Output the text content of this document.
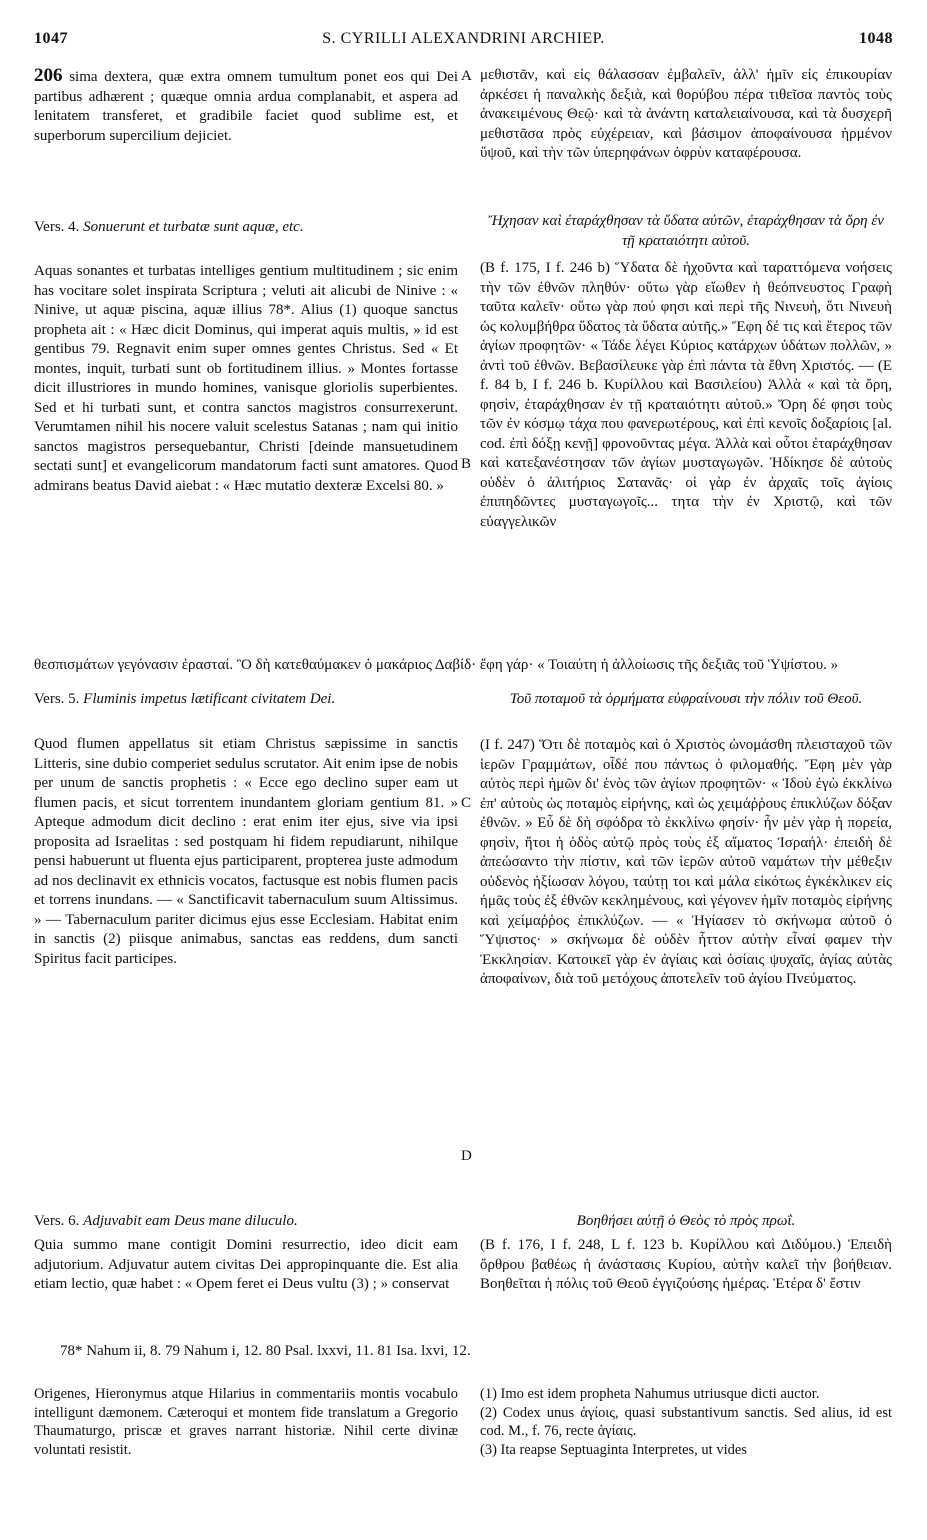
1047	S. CYRILLI ALEXANDRINI ARCHIEP.	1048
A
B
C
D

206 sima dextera, quæ extra omnem tumultum ponet eos qui Dei partibus adhærent ; quæque omnia ardua complanabit, et aspera ad lenitatem transferet, et gradibile faciet quod sublime est, et superborum supercilium dejiciet.

Vers. 4. Sonuerunt et turbatæ sunt aquæ, etc.

Aquas sonantes et turbatas intelliges gentium multitudinem ; sic enim has vocitare solet inspirata Scriptura ; veluti ait alicubi de Ninive : « Ninive, ut aquæ piscina, aquæ illius 78*. Alius (1) quoque sanctus propheta ait : « Hæc dicit Dominus, qui imperat aquis multis, » id est gentibus 79. Regnavit enim super omnes gentes Christus. Sed « Et montes, inquit, turbati sunt ob fortitudinem illius. » Montes fortasse dicit illustriores in mundo homines, vanisque gloriolis superbientes. Sed et hi turbati sunt, et contra sanctos magistros consurrexerunt. Verumtamen nihil his nocere valuit scelestus Satanas ; nam qui initio sanctos magistros persequebantur, Christi [deinde mansuetudinem sectati sunt] et evangelicorum mandatorum facti sunt amatores. Quod admirans beatus David aiebat : « Hæc mutatio dexteræ Excelsi 80. »

Vers. 5. Fluminis impetus lætificant civitatem Dei.

Quod flumen appellatus sit etiam Christus sæpissime in sanctis Litteris, sine dubio comperiet sedulus scrutator. Ait enim ipse de nobis per unum de sanctis prophetis : « Ecce ego declino super eam ut flumen pacis, et sicut torrentem inundantem gloriam gentium 81. » Apteque admodum dicit declino : erat enim iter ejus, sive via ipsi proposita ad Israelitas : sed postquam hi fidem repudiarunt, nihilque pensi habuerunt ut fluenta ejus participarent, propterea juste admodum ad nos declinavit ex ethnicis vocatos, factusque est nobis flumen pacis et torrens inundans. — « Sanctificavit tabernaculum suum Altissimus. » — Tabernaculum pariter dicimus ejus esse Ecclesiam. Habitat enim in sanctis (2) piisque animabus, sanctas eas reddens, dum sancti Spiritus facit participes.

Vers. 6. Adjuvabit eam Deus mane diluculo.

Quia summo mane contigit Domini resurrectio, ideo dicit eam adjutorium. Adjuvatur autem civitas Dei appropinquante die. Est alia etiam lectio, quæ habet : « Opem feret ei Deus vultu (3) ; » conservat

μεθιστᾶν, καὶ εἰς θάλασσαν ἐμβαλεῖν, ἀλλ' ἡμῖν εἰς ἐπικουρίαν ἀρκέσει ἡ παναλκὴς δεξιὰ, καὶ θορύβου πέρα τιθεῖσα παντὸς τοὺς ἀνακειμένους Θεῷ· καὶ τὰ ἀνάντη καταλειαίνουσα, καὶ τὰ δυσχερῆ μεθιστᾶσα πρὸς εὐχέρειαν, καὶ βάσιμον ἀποφαίνουσα ἡρμένον ὕψοῦ, καὶ τὴν τῶν ὑπερηφάνων ὀφρὺν καταφέρουσα.

Ἤχησαν καὶ ἐταράχθησαν τὰ ὕδατα αὐτῶν, ἐταράχθησαν τὰ ὄρη ἐν τῇ κραταιότητι αὐτοῦ.

(B f. 175, I f. 246 b) Ὕδατα δὲ ἠχοῦντα καὶ ταραττόμενα νοήσεις τὴν τῶν ἐθνῶν πληθύν· οὕτω γὰρ εἴωθεν ἡ θεόπνευστος Γραφὴ ταῦτα καλεῖν· οὕτω γὰρ πού φησι καὶ περὶ τῆς Νινευὴ, ὅτι Νινευὴ ὡς κολυμβήθρα ὕδατος τὰ ὕδατα αὐτῆς.» Ἔφη δέ τις καὶ ἕτερος τῶν ἁγίων προφητῶν· « Τάδε λέγει Κύριος κατάρχων ὑδάτων πολλῶν, » ἀντὶ τοῦ ἐθνῶν. Βεβασίλευκε γὰρ ἐπὶ πάντα τὰ ἔθνη Χριστός. — (E f. 84 b, I f. 246 b. Κυρίλλου καὶ Βασιλείου) Ἀλλὰ « καὶ τὰ ὄρη, φησὶν, ἐταράχθησαν ἐν τῇ κραταιότητι αὐτοῦ.» Ὄρη δέ φησι τοὺς τῶν ἐν κόσμῳ τάχα που φανερωτέρους, καὶ ἐπὶ κενοῖς δοξαρίοις [al. cod. ἐπὶ δόξῃ κενῇ] φρονοῦντας μέγα. Ἀλλὰ καὶ οὗτοι ἐταράχθησαν καὶ κατεξανέστησαν τῶν ἁγίων μυσταγωγῶν. Ἠδίκησε δὲ αὐτοὺς οὐδὲν ὁ ἀλιτήριος Σατανᾶς· οἱ γὰρ ἐν ἀρχαῖς τοῖς ἁγίοις ἐπιπηδῶντες μυσταγωγοῖς... τητα τὴν ἐν Χριστῷ, καὶ τῶν εὐαγγελικῶν

θεσπισμάτων γεγόνασιν ἐρασταί. Ὃ δὴ κατεθαύμακεν ὁ μακάριος Δαβίδ· ἔφη γάρ· « Τοιαύτη ἡ ἀλλοίωσις τῆς δεξιᾶς τοῦ Ὑψίστου. »

Τοῦ ποταμοῦ τὰ ὁρμήματα εὐφραίνουσι τὴν πόλιν τοῦ Θεοῦ.

(I f. 247) Ὅτι δὲ ποταμὸς καὶ ὁ Χριστὸς ὠνομάσθη πλεισταχοῦ τῶν ἱερῶν Γραμμάτων, οἶδέ που πάντως ὁ φιλομαθής. Ἔφη μὲν γὰρ αὐτὸς περὶ ἡμῶν δι' ἑνὸς τῶν ἁγίων προφητῶν· « Ἰδοὺ ἐγὼ ἐκκλίνω ἐπ' αὐτοὺς ὡς ποταμὸς εἰρήνης, καὶ ὡς χειμάῤῥους ἐπικλύζων δόξαν ἐθνῶν. » Εὖ δὲ δὴ σφόδρα τὸ ἐκκλίνω φησίν· ἦν μὲν γὰρ ἡ πορεία, φησὶν, ἤτοι ἡ ὁδὸς αὐτῷ πρὸς τοὺς ἐξ αἵματος Ἰσραήλ· ἐπειδὴ δὲ ἀπεώσαντο τὴν πίστιν, καὶ τῶν ἱερῶν αὐτοῦ ναμάτων τὴν μέθεξιν οὐδενὸς ἠξίωσαν λόγου, ταύτῃ τοι καὶ μάλα εἰκότως ἐγκέκλικεν εἰς ἡμᾶς τοὺς ἐξ ἐθνῶν κεκλημένους, καὶ γέγονεν ἡμῖν ποταμὸς εἰρήνης καὶ χείμαῤῥος ἐπικλύζων. — « Ἡγίασεν τὸ σκήνωμα αὐτοῦ ὁ Ὕψιστος· » σκήνωμα δὲ οὐδὲν ἧττον αὐτὴν εἶναί φαμεν τὴν Ἐκκλησίαν. Κατοικεῖ γὰρ ἐν ἁγίαις καὶ ὁσίαις ψυχαῖς, ἁγίας αὐτὰς ἀποφαίνων, διὰ τοῦ μετόχους ἀποτελεῖν τοῦ ἁγίου Πνεύματος.

Βοηθήσει αὐτῇ ὁ Θεὸς τὸ πρὸς πρωΐ.

(B f. 176, I f. 248, L f. 123 b. Κυρίλλου καὶ Διδύμου.) Ἐπειδὴ ὄρθρου βαθέως ἡ ἀνάστασις Κυρίου, αὐτὴν καλεῖ τὴν βοήθειαν. Βοηθεῖται ἡ πόλις τοῦ Θεοῦ ἐγγιζούσης ἡμέρας. Ἑτέρα δ' ἔστιν

78* Nahum ii, 8. 79 Nahum i, 12. 80 Psal. lxxvi, 11. 81 Isa. lxvi, 12.

Origenes, Hieronymus atque Hilarius in commentariis montis vocabulo intelligunt dæmonem. Cæteroqui et montem fide translatum a Gregorio Thaumaturgo, priscæ et graves narrant historiæ. Nihil certe divinæ voluntati resistit.

(1) Imo est idem propheta Nahumus utriusque dicti auctor.

(2) Codex unus ἁγίοις, quasi substantivum sanctis. Sed alius, id est cod. M., f. 76, recte ἁγίαις.

(3) Ita reapse Septuaginta Interpretes, ut vides
